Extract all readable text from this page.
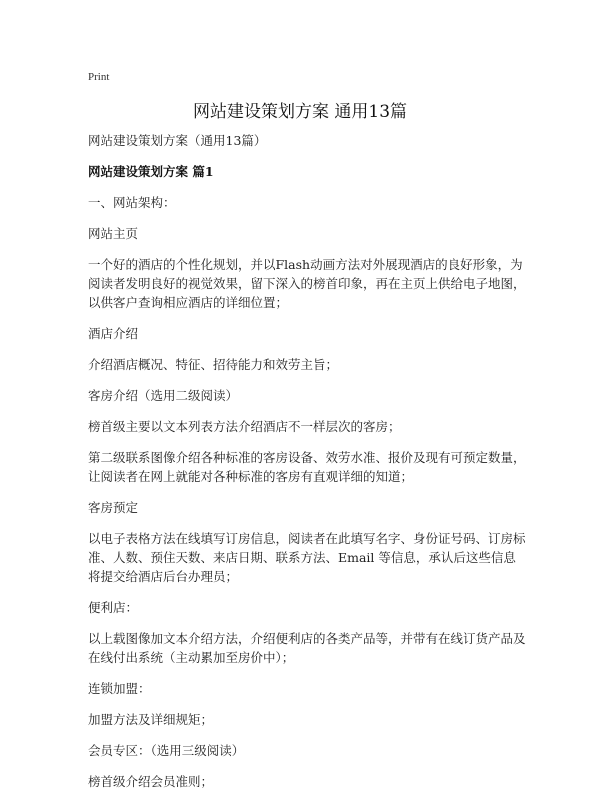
Print
网站建设策划方案 通用13篇

网站建设策划方案（通用13篇）

网站建设策划方案 篇1

一、网站架构：

网站主页

一个好的酒店的个性化规划，并以Flash动画方法对外展现酒店的良好形象，为阅读者发明良好的视觉效果，留下深入的榜首印象，再在主页上供给电子地图，以供客户查询相应酒店的详细位置；

酒店介绍

介绍酒店概况、特征、招待能力和效劳主旨；

客房介绍（选用二级阅读）

榜首级主要以文本列表方法介绍酒店不一样层次的客房；

第二级联系图像介绍各种标准的客房设备、效劳水准、报价及现有可预定数量，让阅读者在网上就能对各种标准的客房有直观详细的知道；

客房预定

以电子表格方法在线填写订房信息，阅读者在此填写名字、身份证号码、订房标准、人数、预住天数、来店日期、联系方法、Email 等信息，承认后这些信息将提交给酒店后台办理员；

便利店：

以上载图像加文本介绍方法，介绍便利店的各类产品等，并带有在线订货产品及在线付出系统（主动累加至房价中）；

连锁加盟：

加盟方法及详细规矩；

会员专区：（选用三级阅读）

榜首级介绍会员准则；
